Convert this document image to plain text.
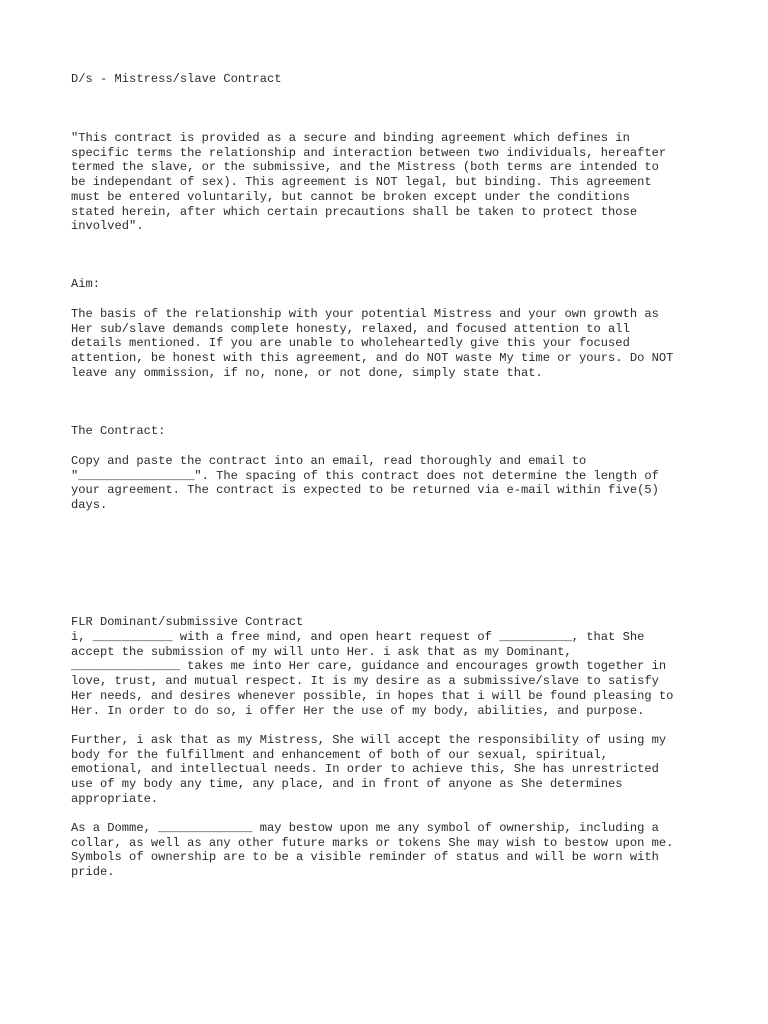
D/s - Mistress/slave Contract

"This contract is provided as a secure and binding agreement which defines in
specific terms the relationship and interaction between two individuals, hereafter
termed the slave, or the submissive, and the Mistress (both terms are intended to
be independant of sex). This agreement is NOT legal, but binding. This agreement
must be entered voluntarily, but cannot be broken except under the conditions
stated herein, after which certain precautions shall be taken to protect those
involved".

Aim:

The basis of the relationship with your potential Mistress and your own growth as
Her sub/slave demands complete honesty, relaxed, and focused attention to all
details mentioned. If you are unable to wholeheartedly give this your focused
attention, be honest with this agreement, and do NOT waste My time or yours. Do NOT
leave any ommission, if no, none, or not done, simply state that.

The Contract:

Copy and paste the contract into an email, read thoroughly and email to
"________________". The spacing of this contract does not determine the length of
your agreement. The contract is expected to be returned via e-mail within five(5)
days.

FLR Dominant/submissive Contract

i, ___________ with a free mind, and open heart request of __________, that She
accept the submission of my will unto Her. i ask that as my Dominant,
_______________ takes me into Her care, guidance and encourages growth together in
love, trust, and mutual respect. It is my desire as a submissive/slave to satisfy
Her needs, and desires whenever possible, in hopes that i will be found pleasing to
Her. In order to do so, i offer Her the use of my body, abilities, and purpose.

Further, i ask that as my Mistress, She will accept the responsibility of using my
body for the fulfillment and enhancement of both of our sexual, spiritual,
emotional, and intellectual needs. In order to achieve this, She has unrestricted
use of my body any time, any place, and in front of anyone as She determines
appropriate.

As a Domme, _____________ may bestow upon me any symbol of ownership, including a
collar, as well as any other future marks or tokens She may wish to bestow upon me.
Symbols of ownership are to be a visible reminder of status and will be worn with
pride.
